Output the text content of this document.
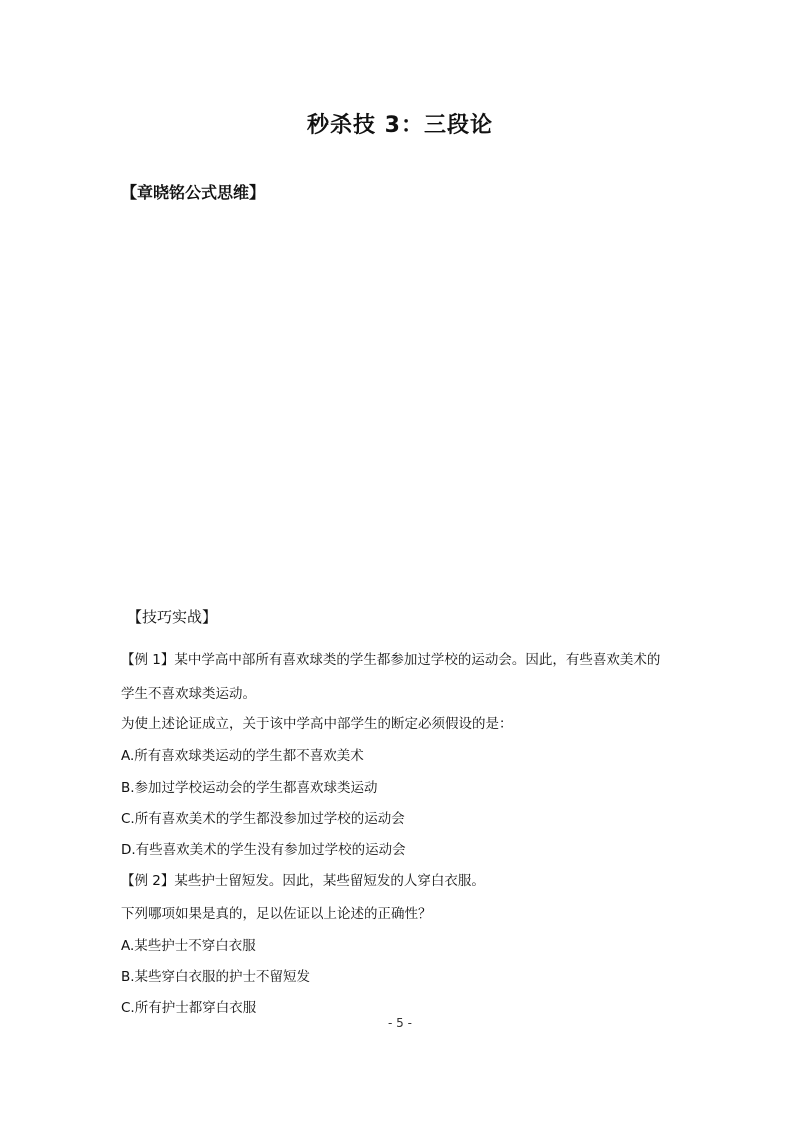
秒杀技 3：三段论
【章晓铭公式思维】
【技巧实战】
【例 1】某中学高中部所有喜欢球类的学生都参加过学校的运动会。因此，有些喜欢美术的
学生不喜欢球类运动。
为使上述论证成立，关于该中学高中部学生的断定必须假设的是：
A.所有喜欢球类运动的学生都不喜欢美术
B.参加过学校运动会的学生都喜欢球类运动
C.所有喜欢美术的学生都没参加过学校的运动会
D.有些喜欢美术的学生没有参加过学校的运动会
【例 2】某些护士留短发。因此，某些留短发的人穿白衣服。
下列哪项如果是真的，足以佐证以上论述的正确性？
A.某些护士不穿白衣服
B.某些穿白衣服的护士不留短发
C.所有护士都穿白衣服
- 5 -
